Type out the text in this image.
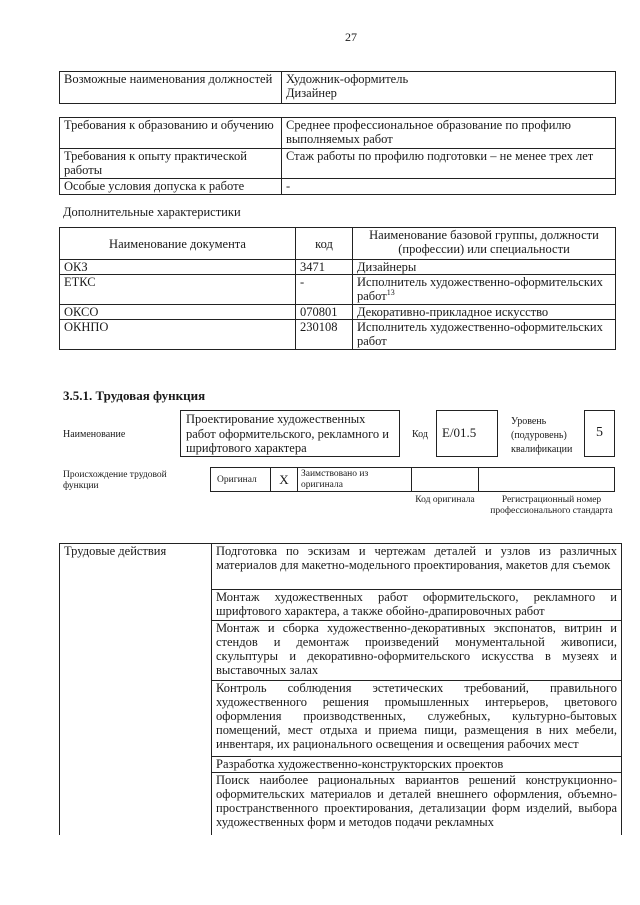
27
Возможные наименования должностей	Художник-оформитель
Дизайнер
Требования к образованию и обучению	Среднее профессиональное образование по профилю выполняемых работ
Требования к опыту практической работы	Стаж работы по профилю подготовки – не менее трех лет
Особые условия допуска к работе	-
Дополнительные характеристики
Наименование документа	код	Наименование базовой группы, должности (профессии) или специальности
ОКЗ	3471	Дизайнеры
ЕТКС	-	Исполнитель художественно-оформительских работ$^{13}$
ОКСО	070801	Декоративно-прикладное искусство
ОКНПО	230108	Исполнитель художественно-оформительских работ
3.5.1. Трудовая функция
Наименование
Проектирование художественных работ оформительского, рекламного и шрифтового характера
Код	E/01.5
Уровень (подуровень) квалификации
5
Происхождение трудовой функции
Оригинал	X	Заимствовано из оригинала
Код оригинала	Регистрационный номер профессионального стандарта
Трудовые действия	Подготовка по эскизам и чертежам деталей и узлов из различных материалов для макетно-модельного проектирования, макетов для съемок
Монтаж художественных работ оформительского, рекламного и шрифтового характера, а также обойно-драпировочных работ
Монтаж и сборка художественно-декоративных экспонатов, витрин и стендов и демонтаж произведений монументальной живописи, скульптуры и декоративно-оформительского искусства в музеях и выставочных залах
Контроль соблюдения эстетических требований, правильного художественного решения промышленных интерьеров, цветового оформления производственных, служебных, культурно-бытовых помещений, мест отдыха и приема пищи, размещения в них мебели, инвентаря, их рационального освещения и освещения рабочих мест
Разработка художественно-конструкторских проектов
Поиск наиболее рациональных вариантов решений конструкционно-оформительских материалов и деталей внешнего оформления, объемно-пространственного проектирования, детализации форм изделий, выбора художественных форм и методов подачи рекламных
